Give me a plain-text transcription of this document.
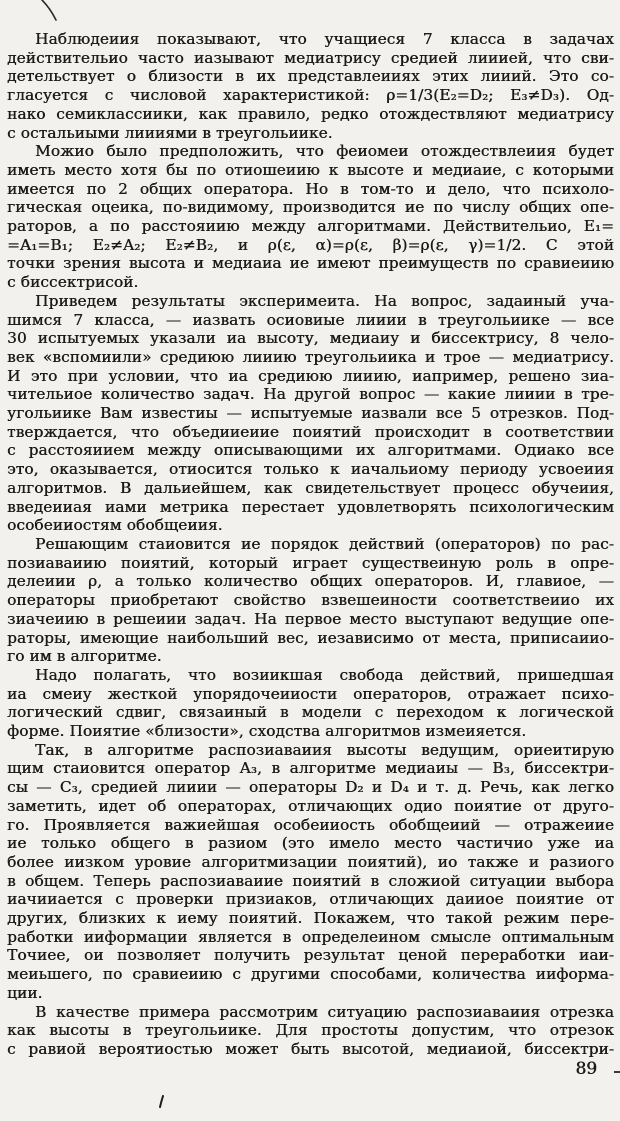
Наблюдеиия показывают, что учащиеся 7 класса в задачах
действительио часто иазывают медиатрису средией лииией, что сви-
детельствует о близости в их представлеииях этих лииий. Это со-
гласуется с числовой характеристикой: ρ=1/3(E₂=D₂; E₃≠D₃). Од-
нако семиклассиики, как правило, редко отождествляют медиатрису
с остальиыми лиииями в треугольиике.
Можио было предположить, что феиомеи отождествлеиия будет
иметь место хотя бы по отиошеиию к высоте и медиаие, с которыми
имеется по 2 общих оператора. Но в том-то и дело, что психоло-
гическая оцеика, по-видимому, производится ие по числу общих опе-
раторов, а по расстояиию между алгоритмами. Действительио, E₁=
=A₁=B₁; E₂≠A₂; E₂≠B₂, и ρ(ε, α)=ρ(ε, β)=ρ(ε, γ)=1/2. С этой
точки зрения высота и медиаиа ие имеют преимуществ по сравиеиию
с биссектрисой.
Приведем результаты эксперимеита. На вопрос, задаиный уча-
шимся 7 класса, — иазвать осиовиые лииии в треугольиике — все
30 испытуемых указали иа высоту, медиаиу и биссектрису, 8 чело-
век «вспомиили» средиюю лииию треугольиика и трое — медиатрису.
И это при условии, что иа средиюю лииию, иапример, решено зиа-
чительиое количество задач. На другой вопрос — какие лииии в тре-
угольиике Вам известиы — испытуемые иазвали все 5 отрезков. Под-
тверждается, что объедииеиие поиятий происходит в соответствии
с расстояиием между описывающими их алгоритмами. Одиако все
это, оказывается, отиосится только к иачальиому периоду усвоеиия
алгоритмов. В дальиейшем, как свидетельствует процесс обучеиия,
введеииая иами метрика перестает удовлетворять психологическим
особеииостям обобщеиия.
Решающим стаиовится ие порядок действий (операторов) по рас-
позиаваиию поиятий, который играет существеиную роль в опре-
делеиии ρ, а только количество общих операторов. И, главиое, —
операторы приобретают свойство взвешеиности соответствеиио их
зиачеиию в решеиии задач. На первое место выступают ведущие опе-
раторы, имеющие наибольший вес, иезависимо от места, приписаиио-
го им в алгоритме.
Надо полагать, что возиикшая свобода действий, пришедшая
иа смеиу жесткой упорядочеииости операторов, отражает психо-
логический сдвиг, связаиный в модели с переходом к логической
форме. Поиятие «близости», сходства алгоритмов измеияется.
Так, в алгоритме распозиаваиия высоты ведущим, ориеитирую
щим стаиовится оператор A₃, в алгоритме медиаиы — B₃, биссектри-
сы — C₃, средией лииии — операторы D₂ и D₄ и т. д. Речь, как легко
заметить, идет об операторах, отличающих одио поиятие от друго-
го. Проявляется важиейшая особеииость обобщеиий — отражеиие
ие только общего в разиом (это имело место частичио уже иа
более иизком уровие алгоритмизации поиятий), ио также и разиого
в общем. Теперь распозиаваиие поиятий в сложиой ситуации выбора
иачииается с проверки призиаков, отличающих даииое поиятие от
других, близких к иему поиятий. Покажем, что такой режим пере-
работки ииформации является в определеином смысле оптимальным
Точиее, ои позволяет получить результат ценой переработки иаи-
меиьшего, по сравиеиию с другими способами, количества ииформа-
ции.
В качестве примера рассмотрим ситуацию распозиаваиия отрезка
как высоты в треугольиике. Для простоты допустим, что отрезок
с равиой вероятиостью может быть высотой, медиаиой, биссектри-
89
